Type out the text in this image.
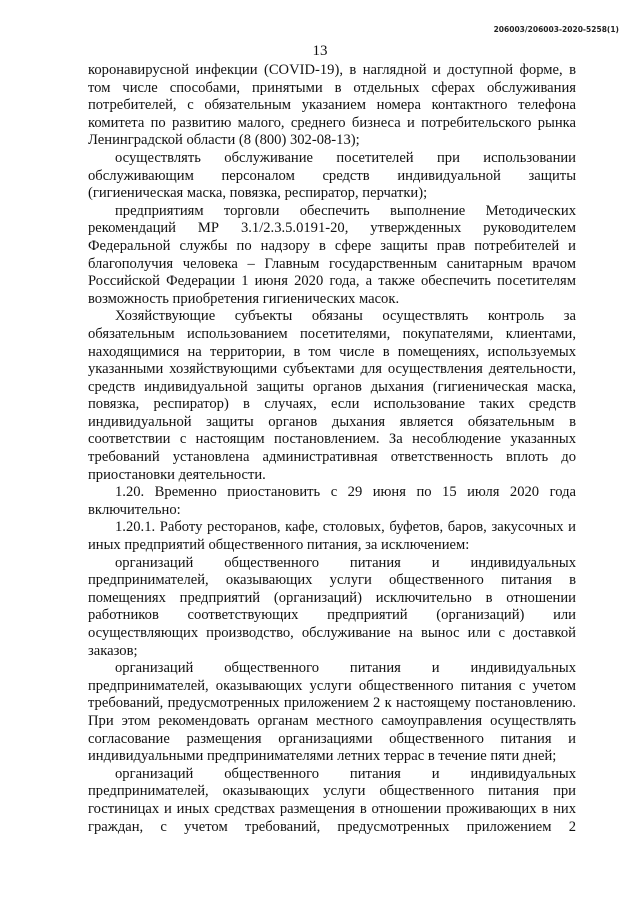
206003/206003-2020-5258(1)
13

коронавирусной инфекции (COVID-19), в наглядной и доступной форме, в том числе способами, принятыми в отдельных сферах обслуживания потребителей, с обязательным указанием номера контактного телефона комитета по развитию малого, среднего бизнеса и потребительского рынка Ленинградской области (8 (800) 302-08-13);

осуществлять обслуживание посетителей при использовании обслуживающим персоналом средств индивидуальной защиты (гигиеническая маска, повязка, респиратор, перчатки);

предприятиям торговли обеспечить выполнение Методических рекомендаций МР 3.1/2.3.5.0191-20, утвержденных руководителем Федеральной службы по надзору в сфере защиты прав потребителей и благополучия человека – Главным государственным санитарным врачом Российской Федерации 1 июня 2020 года, а также обеспечить посетителям возможность приобретения гигиенических масок.

Хозяйствующие субъекты обязаны осуществлять контроль за обязательным использованием посетителями, покупателями, клиентами, находящимися на территории, в том числе в помещениях, используемых указанными хозяйствующими субъектами для осуществления деятельности, средств индивидуальной защиты органов дыхания (гигиеническая маска, повязка, респиратор) в случаях, если использование таких средств индивидуальной защиты органов дыхания является обязательным в соответствии с настоящим постановлением. За несоблюдение указанных требований установлена административная ответственность вплоть до приостановки деятельности.

1.20. Временно приостановить с 29 июня по 15 июля 2020 года включительно:

1.20.1. Работу ресторанов, кафе, столовых, буфетов, баров, закусочных и иных предприятий общественного питания, за исключением:

организаций общественного питания и индивидуальных предпринимателей, оказывающих услуги общественного питания в помещениях предприятий (организаций) исключительно в отношении работников соответствующих предприятий (организаций) или осуществляющих производство, обслуживание на вынос или с доставкой заказов;

организаций общественного питания и индивидуальных предпринимателей, оказывающих услуги общественного питания с учетом требований, предусмотренных приложением 2 к настоящему постановлению. При этом рекомендовать органам местного самоуправления осуществлять согласование размещения организациями общественного питания и индивидуальными предпринимателями летних террас в течение пяти дней;

организаций общественного питания и индивидуальных предпринимателей, оказывающих услуги общественного питания при гостиницах и иных средствах размещения в отношении проживающих в них граждан, с учетом требований, предусмотренных приложением 2
